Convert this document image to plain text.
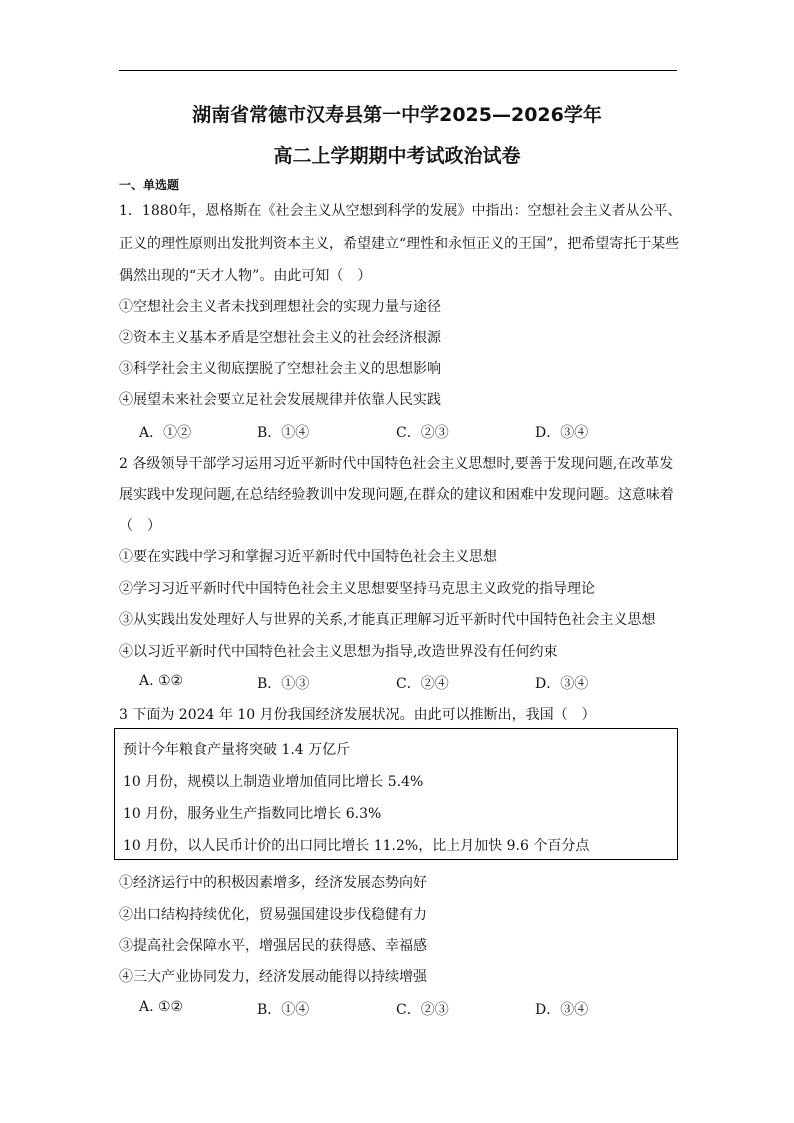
湖南省常德市汉寿县第一中学2025—2026学年
高二上学期期中考试政治试卷
一、单选题
1．1880年，恩格斯在《社会主义从空想到科学的发展》中指出：空想社会主义者从公平、
正义的理性原则出发批判资本主义，希望建立“理性和永恒正义的王国”，把希望寄托于某些
偶然出现的“天才人物”。由此可知（　）
①空想社会主义者未找到理想社会的实现力量与途径
②资本主义基本矛盾是空想社会主义的社会经济根源
③科学社会主义彻底摆脱了空想社会主义的思想影响
④展望未来社会要立足社会发展规律并依靠人民实践
A．①②	B．①④	C．②③	D．③④
2 各级领导干部学习运用习近平新时代中国特色社会主义思想时,要善于发现问题,在改革发
展实践中发现问题,在总结经验教训中发现问题,在群众的建议和困难中发现问题。这意味着
（　）
①要在实践中学习和掌握习近平新时代中国特色社会主义思想
②学习习近平新时代中国特色社会主义思想要坚持马克思主义政党的指导理论
③从实践出发处理好人与世界的关系,才能真正理解习近平新时代中国特色社会主义思想
④以习近平新时代中国特色社会主义思想为指导,改造世界没有任何约束
A. ①②	B．①③	C．②④	D．③④
3 下面为 2024 年 10 月份我国经济发展状况。由此可以推断出，我国（　）
预计今年粮食产量将突破 1.4 万亿斤
10 月份，规模以上制造业增加值同比增长 5.4%
10 月份，服务业生产指数同比增长 6.3%
10 月份，以人民币计价的出口同比增长 11.2%，比上月加快 9.6 个百分点
①经济运行中的积极因素增多，经济发展态势向好
②出口结构持续优化，贸易强国建设步伐稳健有力
③提高社会保障水平，增强居民的获得感、幸福感
④三大产业协同发力，经济发展动能得以持续增强
A. ①②	B．①④	C．②③	D．③④
